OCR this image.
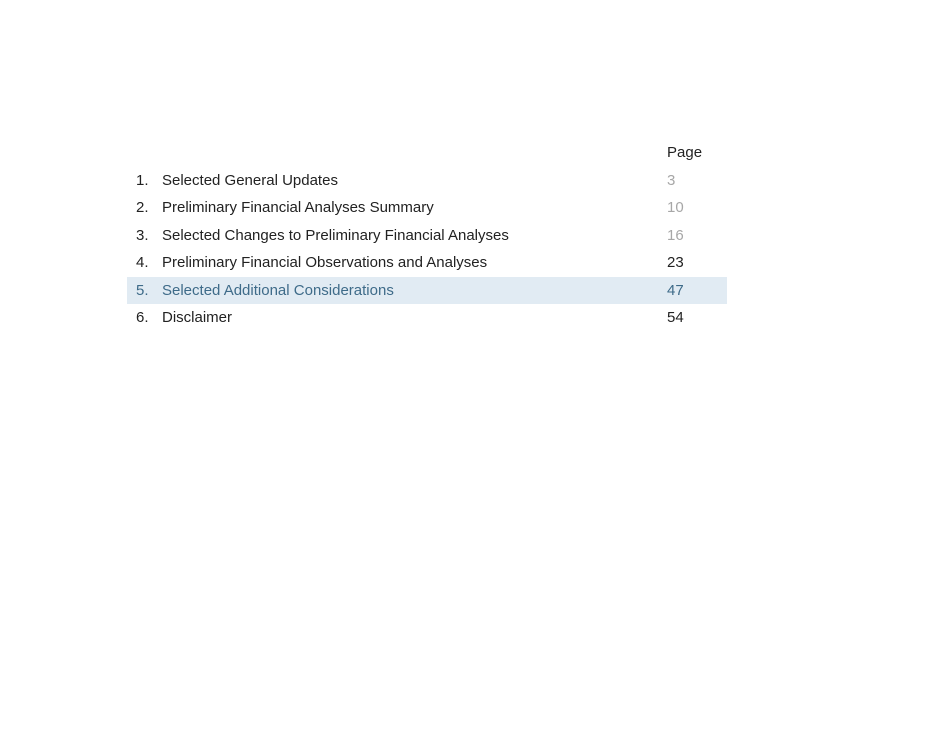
Page
1. Selected General Updates	3
2. Preliminary Financial Analyses Summary	10
3. Selected Changes to Preliminary Financial Analyses	16
4. Preliminary Financial Observations and Analyses	23
5. Selected Additional Considerations	47
6. Disclaimer	54
